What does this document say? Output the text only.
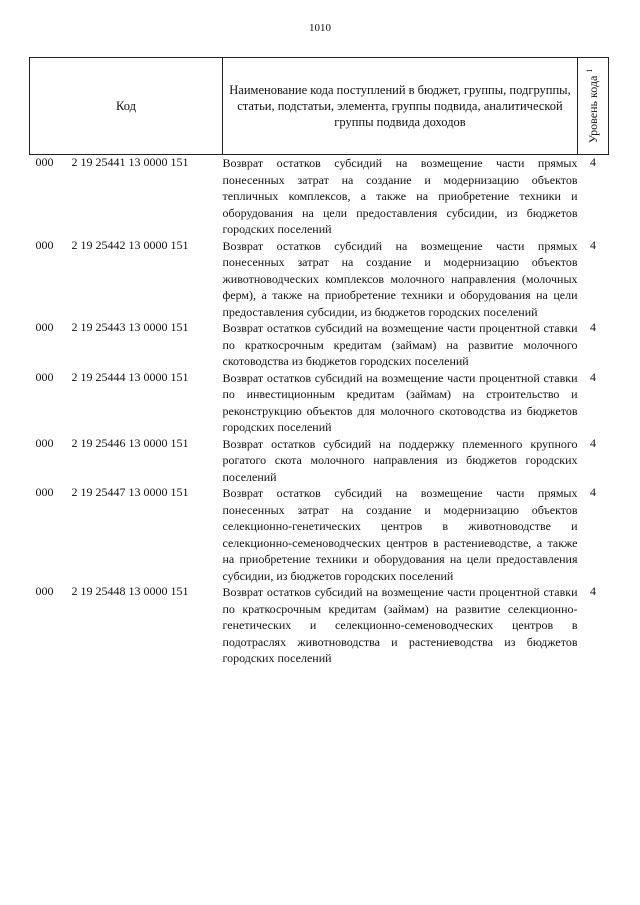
1010
Код	Наименование кода поступлений в бюджет, группы, подгруппы, статьи, подстатьи, элемента, группы подвида, аналитической группы подвида доходов	Уровень кода $^1$

000 2 19 25441 13 0000 151	Возврат остатков субсидий на возмещение части прямых понесенных затрат на создание и модернизацию объектов тепличных комплексов, а также на приобретение техники и оборудования на цели предоставления субсидии, из бюджетов городских поселений	4
000 2 19 25442 13 0000 151	Возврат остатков субсидий на возмещение части прямых понесенных затрат на создание и модернизацию объектов животноводческих комплексов молочного направления (молочных ферм), а также на приобретение техники и оборудования на цели предоставления субсидии, из бюджетов городских поселений	4
000 2 19 25443 13 0000 151	Возврат остатков субсидий на возмещение части процентной ставки по краткосрочным кредитам (займам) на развитие молочного скотоводства из бюджетов городских поселений	4
000 2 19 25444 13 0000 151	Возврат остатков субсидий на возмещение части процентной ставки по инвестиционным кредитам (займам) на строительство и реконструкцию объектов для молочного скотоводства из бюджетов городских поселений	4
000 2 19 25446 13 0000 151	Возврат остатков субсидий на поддержку племенного крупного рогатого скота молочного направления из бюджетов городских поселений	4
000 2 19 25447 13 0000 151	Возврат остатков субсидий на возмещение части прямых понесенных затрат на создание и модернизацию объектов селекционно-генетических центров в животноводстве и селекционно-семеноводческих центров в растениеводстве, а также на приобретение техники и оборудования на цели предоставления субсидии, из бюджетов городских поселений	4
000 2 19 25448 13 0000 151	Возврат остатков субсидий на возмещение части процентной ставки по краткосрочным кредитам (займам) на развитие селекционно-генетических и селекционно-семеноводческих центров в подотраслях животноводства и растениеводства из бюджетов городских поселений	4
